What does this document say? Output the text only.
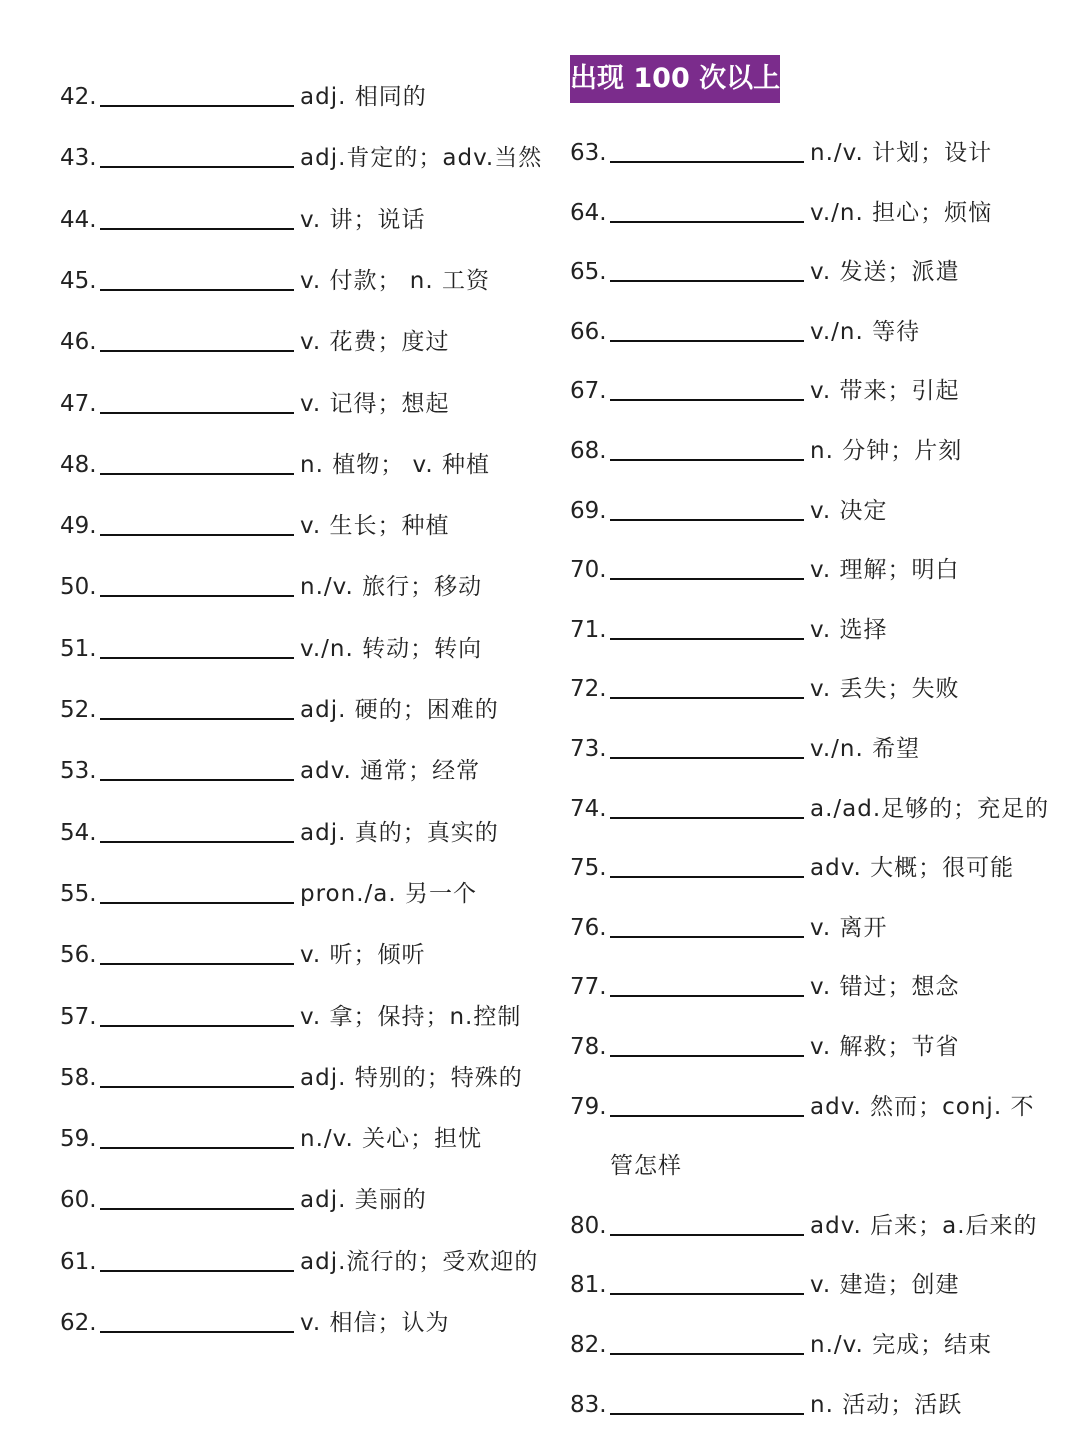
出现 100 次以上
42.	adj. 相同的
43.	adj.肯定的；adv.当然
44.	v. 讲；说话
45.	v. 付款； n. 工资
46.	v. 花费；度过
47.	v. 记得；想起
48.	n. 植物； v. 种植
49.	v. 生长；种植
50.	n./v. 旅行；移动
51.	v./n. 转动；转向
52.	adj. 硬的；困难的
53.	adv. 通常；经常
54.	adj. 真的；真实的
55.	pron./a. 另一个
56.	v. 听；倾听
57.	v. 拿；保持；n.控制
58.	adj. 特别的；特殊的
59.	n./v. 关心；担忧
60.	adj. 美丽的
61.	adj.流行的；受欢迎的
62.	v. 相信；认为
63.	n./v. 计划；设计
64.	v./n. 担心；烦恼
65.	v. 发送；派遣
66.	v./n. 等待
67.	v. 带来；引起
68.	n. 分钟；片刻
69.	v. 决定
70.	v. 理解；明白
71.	v. 选择
72.	v. 丢失；失败
73.	v./n. 希望
74.	a./ad.足够的；充足的
75.	adv. 大概；很可能
76.	v. 离开
77.	v. 错过；想念
78.	v. 解救；节省
79.	adv. 然而；conj. 不
管怎样
80.	adv. 后来；a.后来的
81.	v. 建造；创建
82.	n./v. 完成；结束
83.	n. 活动；活跃
